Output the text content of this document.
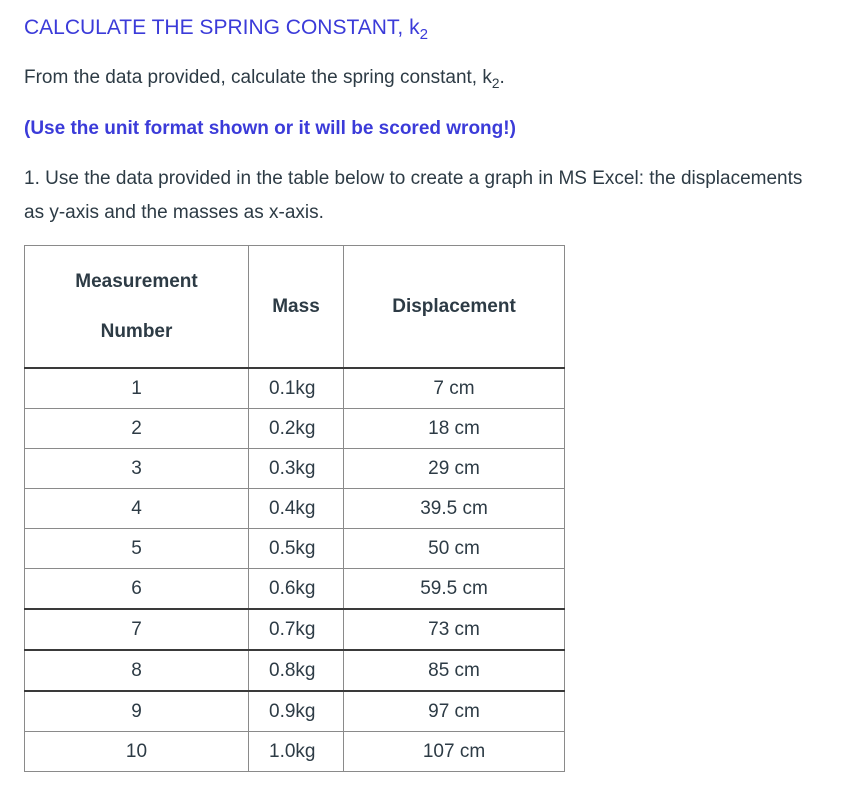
CALCULATE THE SPRING CONSTANT, $k_2$
From the data provided, calculate the spring constant, $k_2$.
(Use the unit format shown or it will be scored wrong!)
1. Use the data provided in the table below to create a graph in MS Excel: the displacements as y-axis and the masses as x-axis.
Measurement
Number	Mass	Displacement
1	0.1kg	7 cm
2	0.2kg	18 cm
3	0.3kg	29 cm
4	0.4kg	39.5 cm
5	0.5kg	50 cm
6	0.6kg	59.5 cm
7	0.7kg	73 cm
8	0.8kg	85 cm
9	0.9kg	97 cm
10	1.0kg	107 cm
